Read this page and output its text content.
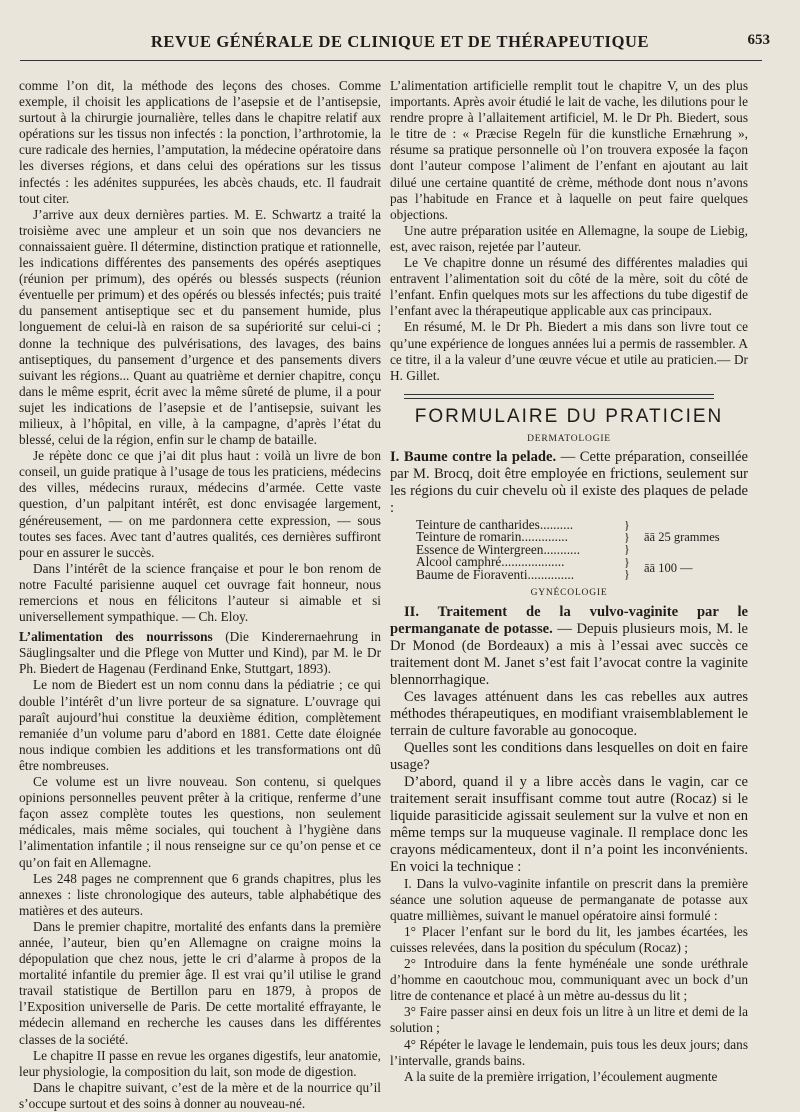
REVUE GÉNÉRALE DE CLINIQUE ET DE THÉRAPEUTIQUE	653

comme l’on dit, la méthode des leçons des choses. Comme exemple, il choisit les applications de l’asepsie et de l’antisepsie, surtout à la chirurgie journalière, telles dans le chapitre relatif aux opérations sur les tissus non infectés : la ponction, l’arthrotomie, la cure radicale des hernies, l’amputation, la médecine opératoire dans les diverses régions, et dans celui des opérations sur les tissus infectés : les adénites suppurées, les abcès chauds, etc. Il faudrait tout citer.

J’arrive aux deux dernières parties. M. E. Schwartz a traité la troisième avec une ampleur et un soin que nos devanciers ne connaissaient guère. Il détermine, distinction pratique et rationnelle, les indications différentes des pansements des opérés aseptiques (réunion per primum), des opérés ou blessés suspects (réunion éventuelle per primum) et des opérés ou blessés infectés; puis traité du pansement antiseptique sec et du pansement humide, plus longuement de celui-là en raison de sa supériorité sur celui-ci ; donne la technique des pulvérisations, des lavages, des bains antiseptiques, du pansement d’urgence et des pansements divers suivant les régions... Quant au quatrième et dernier chapitre, conçu dans le même esprit, écrit avec la même sûreté de plume, il a pour sujet les indications de l’asepsie et de l’antisepsie, suivant les milieux, à l’hôpital, en ville, à la campagne, d’après l’état du blessé, celui de la région, enfin sur le champ de bataille.

Je répète donc ce que j’ai dit plus haut : voilà un livre de bon conseil, un guide pratique à l’usage de tous les praticiens, médecins des villes, médecins ruraux, médecins d’armée. Cette vaste question, d’un palpitant intérêt, est donc envisagée largement, généreusement, — on me pardonnera cette expression, — sous toutes ses faces. Avec tant d’autres qualités, ces dernières suffiront pour en assurer le succès.

Dans l’intérêt de la science française et pour le bon renom de notre Faculté parisienne auquel cet ouvrage fait honneur, nous remercions et nous en félicitons l’auteur si aimable et si universellement sympathique. — Ch. Eloy.

L’alimentation des nourrissons (Die Kinderernaehrung in Säuglingsalter und die Pflege von Mutter und Kind), par M. le Dr Ph. Biedert de Hagenau (Ferdinand Enke, Stuttgart, 1893).

Le nom de Biedert est un nom connu dans la pédiatrie ; ce qui double l’intérêt d’un livre porteur de sa signature. L’ouvrage qui paraît aujourd’hui constitue la deuxième édition, complètement remaniée d’un volume paru d’abord en 1881. Cette date éloignée nous indique combien les additions et les transformations ont dû être nombreuses.

Ce volume est un livre nouveau. Son contenu, si quelques opinions personnelles peuvent prêter à la critique, renferme d’une façon assez complète toutes les questions, non seulement médicales, mais même sociales, qui touchent à l’hygiène dans l’alimentation infantile ; il nous renseigne sur ce qu’on pense et ce qu’on fait en Allemagne.

Les 248 pages ne comprennent que 6 grands chapitres, plus les annexes : liste chronologique des auteurs, table alphabétique des matières et des auteurs.

Dans le premier chapitre, mortalité des enfants dans la première année, l’auteur, bien qu’en Allemagne on craigne moins la dépopulation que chez nous, jette le cri d’alarme à propos de la mortalité infantile du premier âge. Il est vrai qu’il utilise le grand travail statistique de Bertillon paru en 1879, à propos de l’Exposition universelle de Paris. De cette mortalité effrayante, le médecin allemand en recherche les causes dans les différentes classes de la société.

Le chapitre II passe en revue les organes digestifs, leur anatomie, leur physiologie, la composition du lait, son mode de digestion.

Dans le chapitre suivant, c’est de la mère et de la nourrice qu’il s’occupe surtout et des soins à donner au nouveau-né.

L’alimentation artificielle remplit tout le chapitre V, un des plus importants. Après avoir étudié le lait de vache, les dilutions pour le rendre propre à l’allaitement artificiel, M. le Dr Ph. Biedert, sous le titre de : « Præcise Regeln für die kunstliche Ernæhrung », résume sa pratique personnelle où l’on trouvera exposée la façon dont l’auteur compose l’aliment de l’enfant en ajoutant au lait dilué une certaine quantité de crème, méthode dont nous n’avons pas l’habitude en France et à laquelle on peut faire quelques objections.

Une autre préparation usitée en Allemagne, la soupe de Liebig, est, avec raison, rejetée par l’auteur.

Le Ve chapitre donne un résumé des différentes maladies qui entravent l’alimentation soit du côté de la mère, soit du côté de l’enfant. Enfin quelques mots sur les affections du tube digestif de l’enfant avec la thérapeutique applicable aux cas principaux.

En résumé, M. le Dr Ph. Biedert a mis dans son livre tout ce qu’une expérience de longues années lui a permis de rassembler. A ce titre, il a la valeur d’une œuvre vécue et utile au praticien.— Dr H. Gillet.

FORMULAIRE DU PRATICIEN
DERMATOLOGIE

I. Baume contre la pelade. — Cette préparation, conseillée par M. Brocq, doit être employée en frictions, seulement sur les régions du cuir chevelu où il existe des plaques de pelade :

Teinture de cantharides..........
Teinture de romarin..............
Essence de Wintergreen...........
Alcool camphré...................
Baume de Fioraventi..............
}
}
}
āā 25 grammes
}
} āā 100 —
GYNÉCOLOGIE

II. Traitement de la vulvo-vaginite par le permanganate de potasse. — Depuis plusieurs mois, M. le Dr Monod (de Bordeaux) a mis à l’essai avec succès ce traitement dont M. Janet s’est fait l’avocat contre la vaginite blennorrhagique.

Ces lavages atténuent dans les cas rebelles aux autres méthodes thérapeutiques, en modifiant vraisemblablement le terrain de culture favorable au gonocoque.

Quelles sont les conditions dans lesquelles on doit en faire usage?

D’abord, quand il y a libre accès dans le vagin, car ce traitement serait insuffisant comme tout autre (Rocaz) si le liquide parasiticide agissait seulement sur la vulve et non en même temps sur la muqueuse vaginale. Il remplace donc les crayons médicamenteux, dont il n’a point les inconvénients. En voici la technique :

I. Dans la vulvo-vaginite infantile on prescrit dans la première séance une solution aqueuse de permanganate de potasse aux quatre millièmes, suivant le manuel opératoire ainsi formulé :

1° Placer l’enfant sur le bord du lit, les jambes écartées, les cuisses relevées, dans la position du spéculum (Rocaz) ;

2° Introduire dans la fente hyménéale une sonde uréthrale d’homme en caoutchouc mou, communiquant avec un bock d’un litre de contenance et placé à un mètre au-dessus du lit ;

3° Faire passer ainsi en deux fois un litre à un litre et demi de la solution ;

4° Répéter le lavage le lendemain, puis tous les deux jours; dans l’intervalle, grands bains.

A la suite de la première irrigation, l’écoulement augmente
